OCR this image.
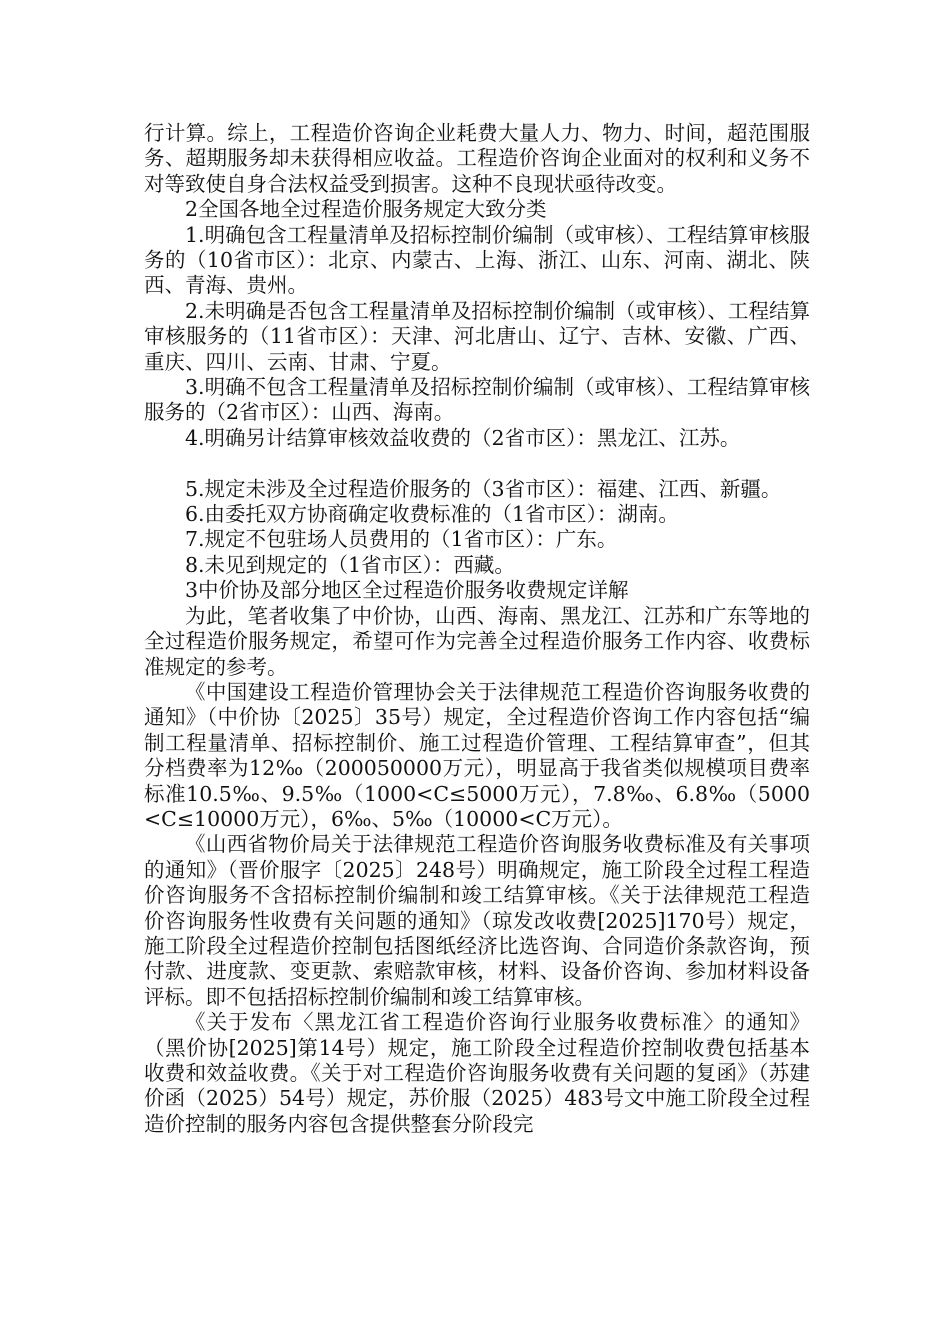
行计算。综上，工程造价咨询企业耗费大量人力、物力、时间，超范围服务、超期服务却未获得相应收益。工程造价咨询企业面对的权利和义务不对等致使自身合法权益受到损害。这种不良现状亟待改变。

2全国各地全过程造价服务规定大致分类

1.明确包含工程量清单及招标控制价编制（或审核）、工程结算审核服务的（10省市区）：北京、内蒙古、上海、浙江、山东、河南、湖北、陕西、青海、贵州。

2.未明确是否包含工程量清单及招标控制价编制（或审核）、工程结算审核服务的（11省市区）：天津、河北唐山、辽宁、吉林、安徽、广西、重庆、四川、云南、甘肃、宁夏。

3.明确不包含工程量清单及招标控制价编制（或审核）、工程结算审核服务的（2省市区）：山西、海南。

4.明确另计结算审核效益收费的（2省市区）：黑龙江、江苏。

5.规定未涉及全过程造价服务的（3省市区）：福建、江西、新疆。

6.由委托双方协商确定收费标准的（1省市区）：湖南。

7.规定不包驻场人员费用的（1省市区）：广东。

8.未见到规定的（1省市区）：西藏。

3中价协及部分地区全过程造价服务收费规定详解

为此，笔者收集了中价协，山西、海南、黑龙江、江苏和广东等地的全过程造价服务规定，希望可作为完善全过程造价服务工作内容、收费标准规定的参考。

《中国建设工程造价管理协会关于法律规范工程造价咨询服务收费的通知》（中价协〔2025〕35号）规定，全过程造价咨询工作内容包括“编制工程量清单、招标控制价、施工过程造价管理、工程结算审查”，但其分档费率为12‰（200050000万元），明显高于我省类似规模项目费率标准10.5‰、9.5‰（1000<C≤5000万元），7.8‰、6.8‰（5000<C≤10000万元），6‰、5‰（10000<C万元）。

《山西省物价局关于法律规范工程造价咨询服务收费标准及有关事项的通知》（晋价服字〔2025〕248号）明确规定，施工阶段全过程工程造价咨询服务不含招标控制价编制和竣工结算审核。《关于法律规范工程造价咨询服务性收费有关问题的通知》（琼发改收费[2025]170号）规定，施工阶段全过程造价控制包括图纸经济比选咨询、合同造价条款咨询，预付款、进度款、变更款、索赔款审核，材料、设备价咨询、参加材料设备评标。即不包括招标控制价编制和竣工结算审核。

《关于发布〈黑龙江省工程造价咨询行业服务收费标准〉的通知》（黑价协[2025]第14号）规定，施工阶段全过程造价控制收费包括基本收费和效益收费。《关于对工程造价咨询服务收费有关问题的复函》（苏建价函（2025）54号）规定，苏价服（2025）483号文中施工阶段全过程造价控制的服务内容包含提供整套分阶段完
